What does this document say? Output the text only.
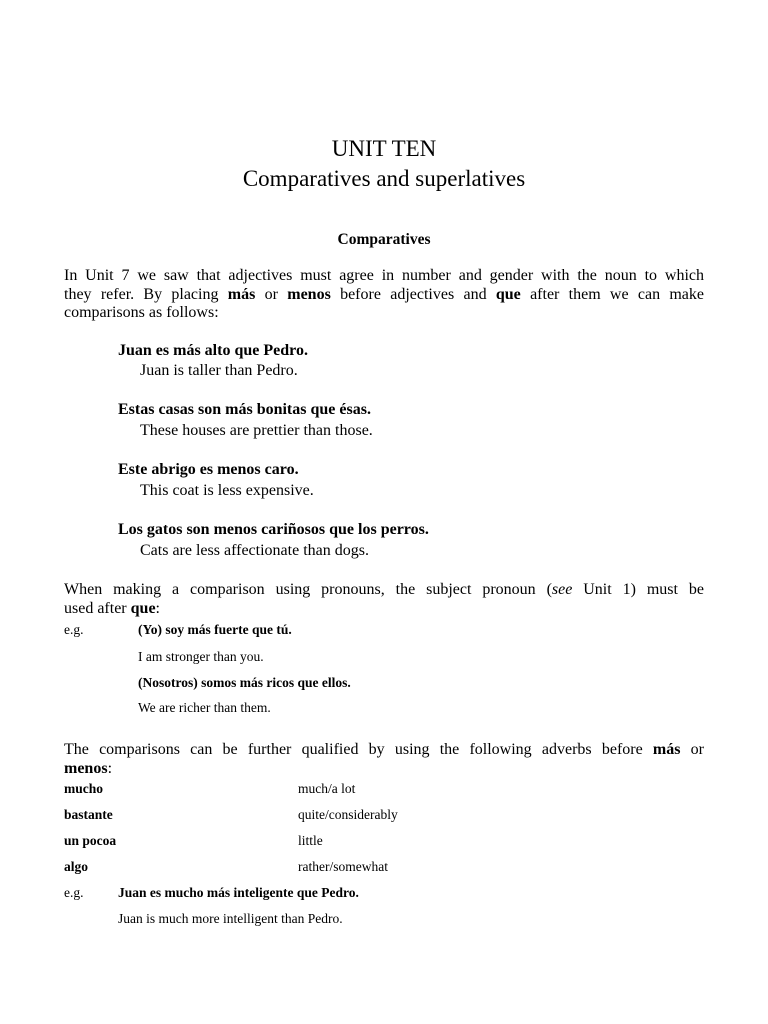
UNIT TEN
Comparatives and superlatives
Comparatives
In Unit 7 we saw that adjectives must agree in number and gender with the noun to which
they refer. By placing más or menos before adjectives and que after them we can make
comparisons as follows:
Juan es más alto que Pedro.
Juan is taller than Pedro.
Estas casas son más bonitas que ésas.
These houses are prettier than those.
Este abrigo es menos caro.
This coat is less expensive.
Los gatos son menos cariñosos que los perros.
Cats are less affectionate than dogs.
When making a comparison using pronouns, the subject pronoun (see Unit 1) must be
used after que:
e.g.	(Yo) soy más fuerte que tú.
I am stronger than you.
(Nosotros) somos más ricos que ellos.
We are richer than them.
The comparisons can be further qualified by using the following adverbs before más or
menos:
mucho	much/a lot
bastante	quite/considerably
un pocoa	little
algo	rather/somewhat
e.g.	Juan es mucho más inteligente que Pedro.
Juan is much more intelligent than Pedro.
